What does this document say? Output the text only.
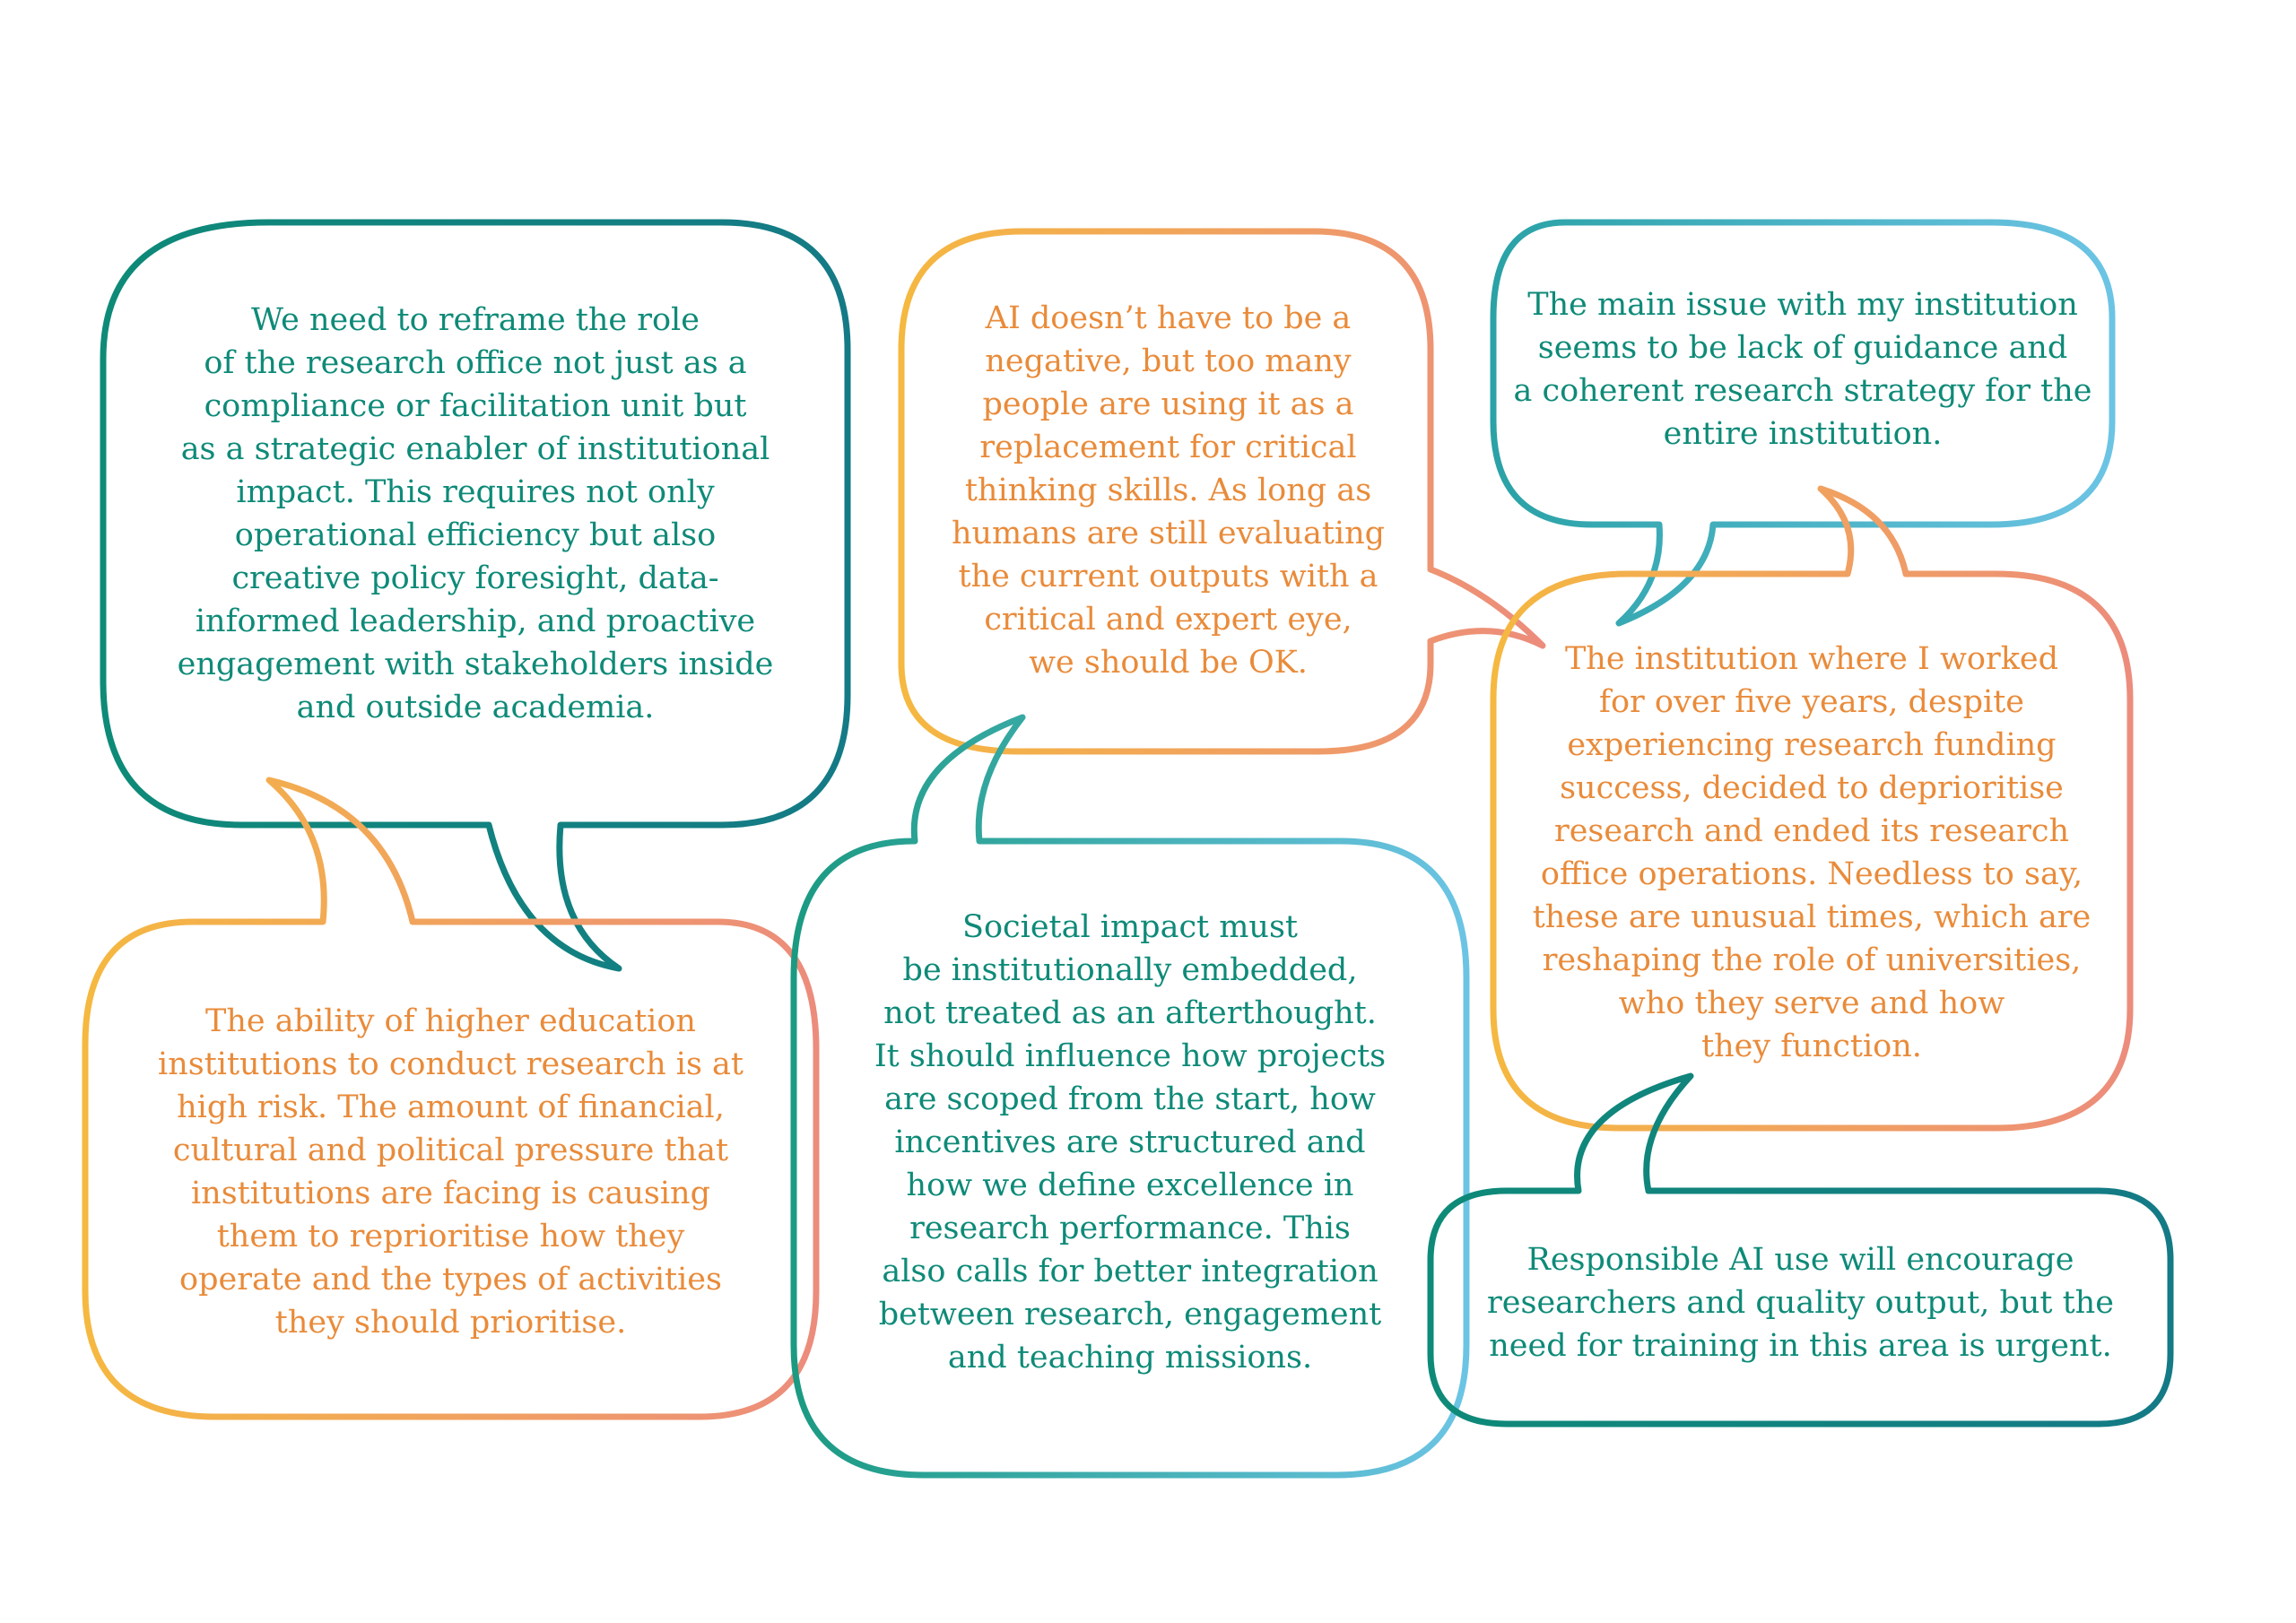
We need to reframe the role
of the research office not just as a
compliance or facilitation unit but
as a strategic enabler of institutional
impact. This requires not only
operational efficiency but also
creative policy foresight, data-
informed leadership, and proactive
engagement with stakeholders inside
and outside academia.

AI doesn’t have to be a
negative, but too many
people are using it as a
replacement for critical
thinking skills. As long as
humans are still evaluating
the current outputs with a
critical and expert eye,
we should be OK.

The main issue with my institution
seems to be lack of guidance and
a coherent research strategy for the
entire institution.

The institution where I worked
for over five years, despite
experiencing research funding
success, decided to deprioritise
research and ended its research
office operations. Needless to say,
these are unusual times, which are
reshaping the role of universities,
who they serve and how
they function.

The ability of higher education
institutions to conduct research is at
high risk. The amount of financial,
cultural and political pressure that
institutions are facing is causing
them to reprioritise how they
operate and the types of activities
they should prioritise.

Societal impact must
be institutionally embedded,
not treated as an afterthought.
It should influence how projects
are scoped from the start, how
incentives are structured and
how we define excellence in
research performance. This
also calls for better integration
between research, engagement
and teaching missions.

Responsible AI use will encourage
researchers and quality output, but the
need for training in this area is urgent.
